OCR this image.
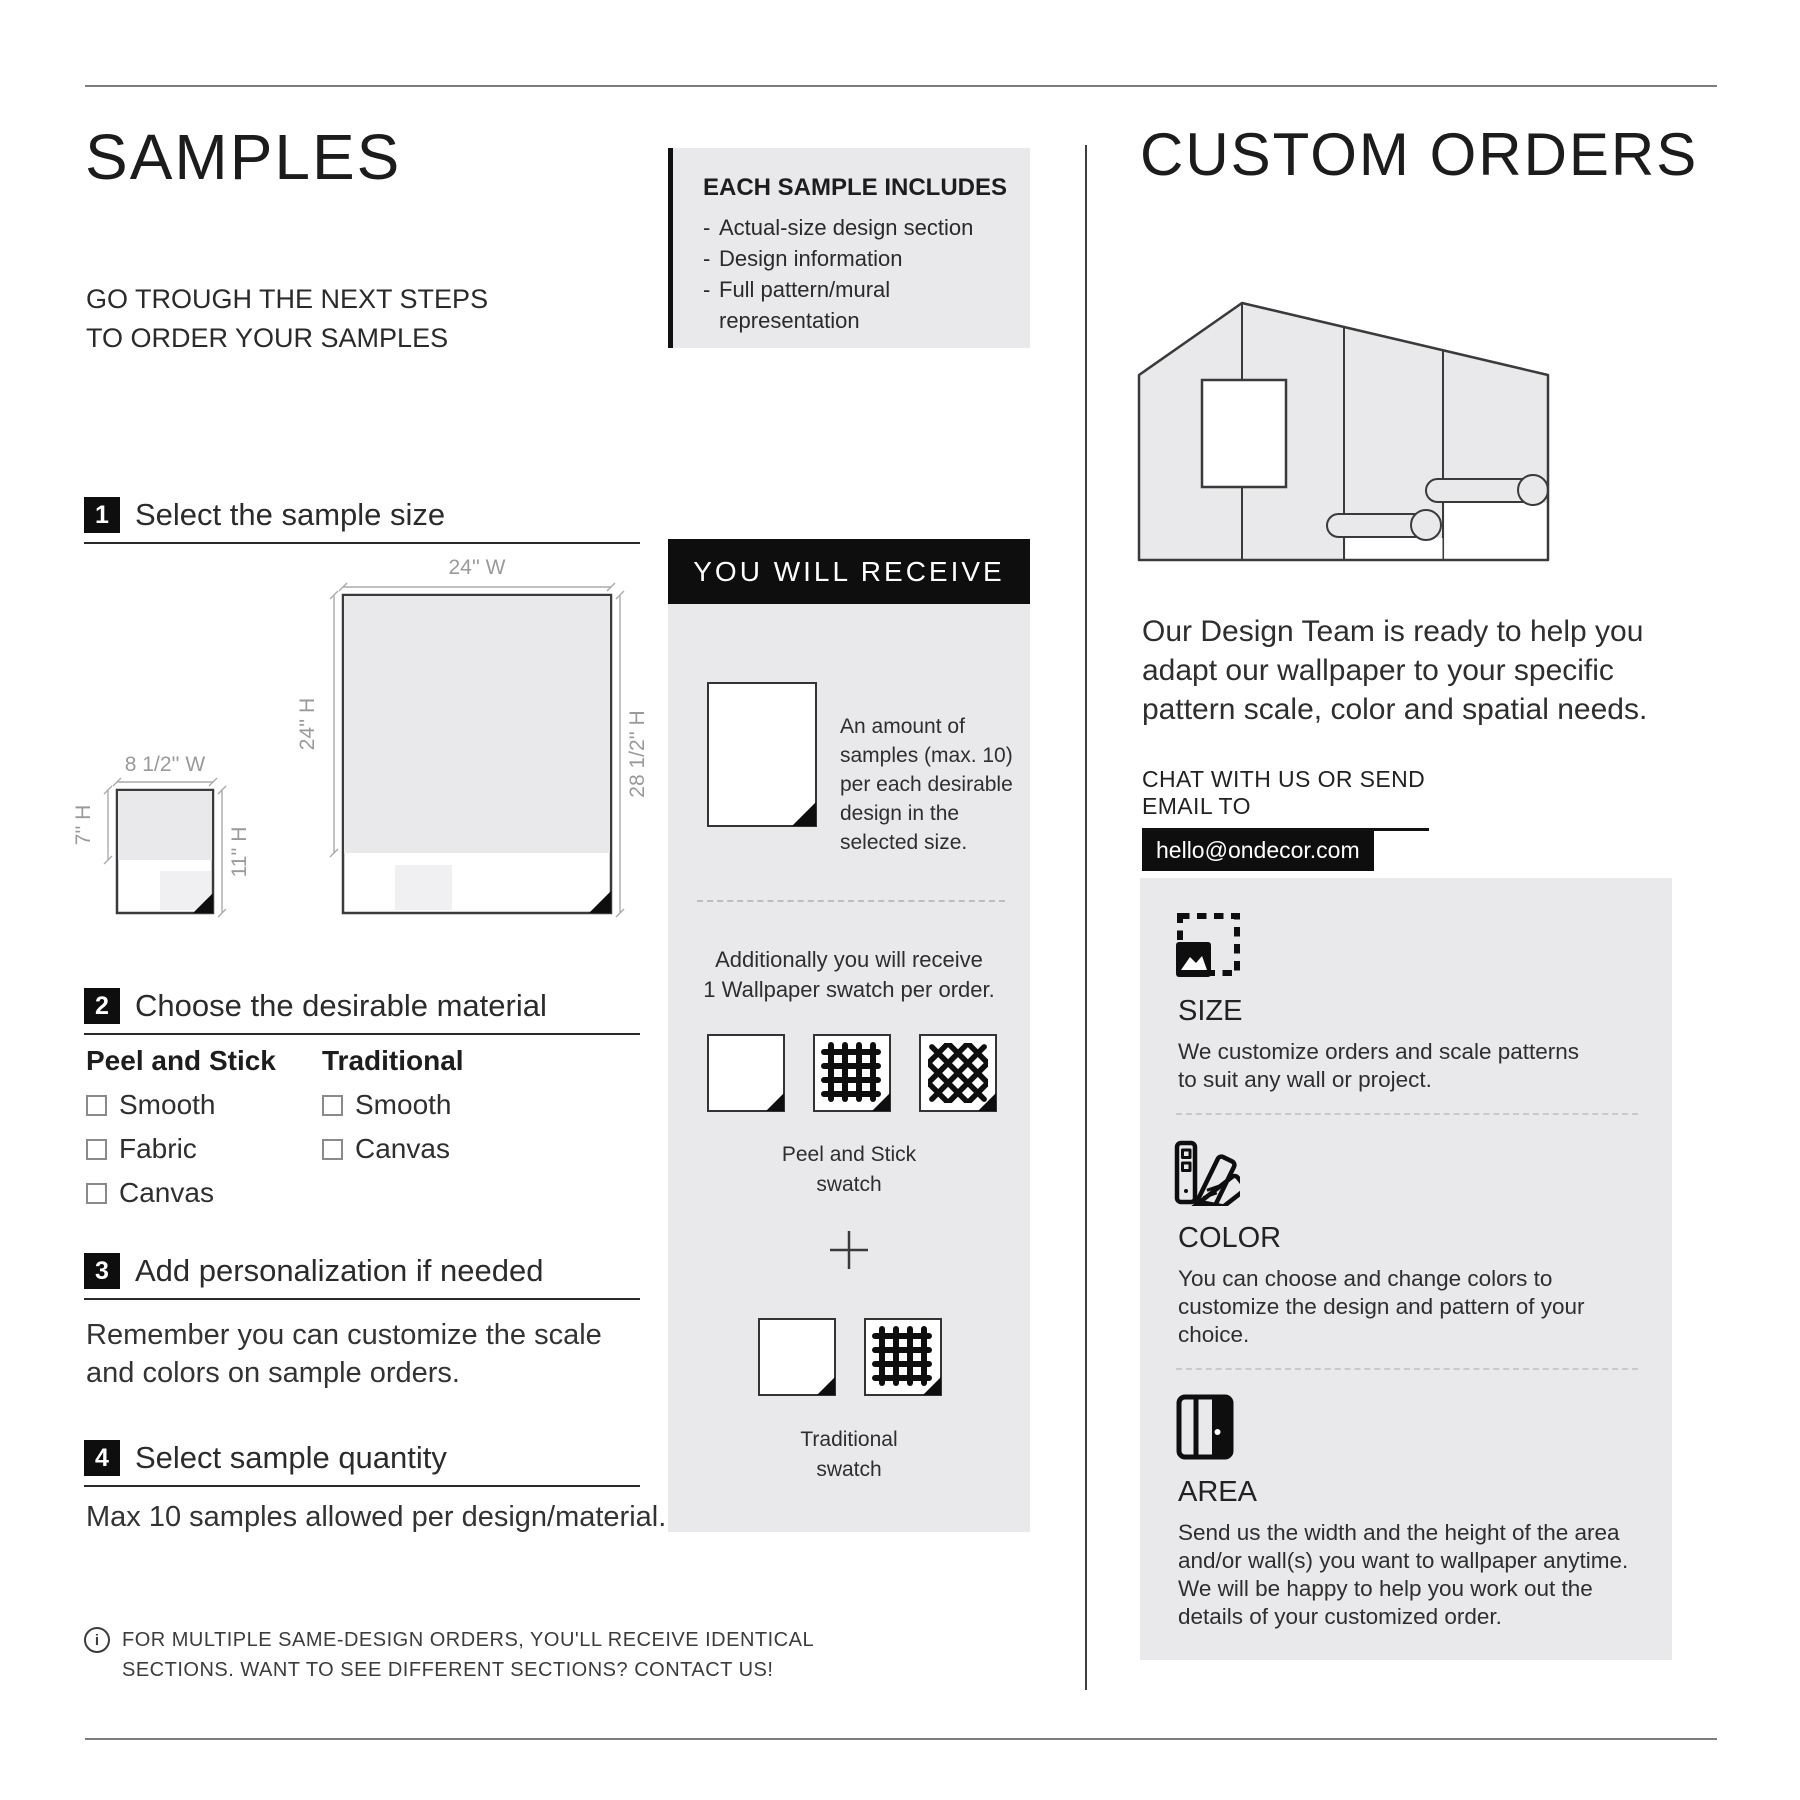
SAMPLES
GO TROUGH THE NEXT STEPS
TO ORDER YOUR SAMPLES
EACH SAMPLE INCLUDES
- Actual-size design section
- Design information
- Full pattern/mural representation
1 Select the sample size
8 1/2'' W
7'' H
11'' H
24'' W
24'' H	28 1/2'' H
2 Choose the desirable material
Peel and Stick
Smooth
Fabric
Canvas
Traditional
Smooth
Canvas
3 Add personalization if needed
Remember you can customize the scale
and colors on sample orders.
4 Select sample quantity
Max 10 samples allowed per design/material.
i	FOR MULTIPLE SAME-DESIGN ORDERS, YOU'LL RECEIVE IDENTICAL
SECTIONS. WANT TO SEE DIFFERENT SECTIONS? CONTACT US!
YOU WILL RECEIVE
An amount of
samples (max. 10)
per each desirable
design in the
selected size.
Additionally you will receive
1 Wallpaper swatch per order.
Peel and Stick
swatch
Traditional
swatch
CUSTOM ORDERS
Our Design Team is ready to help you
adapt our wallpaper to your specific
pattern scale, color and spatial needs.
CHAT WITH US OR SEND EMAIL TO
hello@ondecor.com
SIZE
We customize orders and scale patterns
to suit any wall or project.
COLOR
You can choose and change colors to
customize the design and pattern of your
choice.
AREA
Send us the width and the height of the area
and/or wall(s) you want to wallpaper anytime.
We will be happy to help you work out the
details of your customized order.
